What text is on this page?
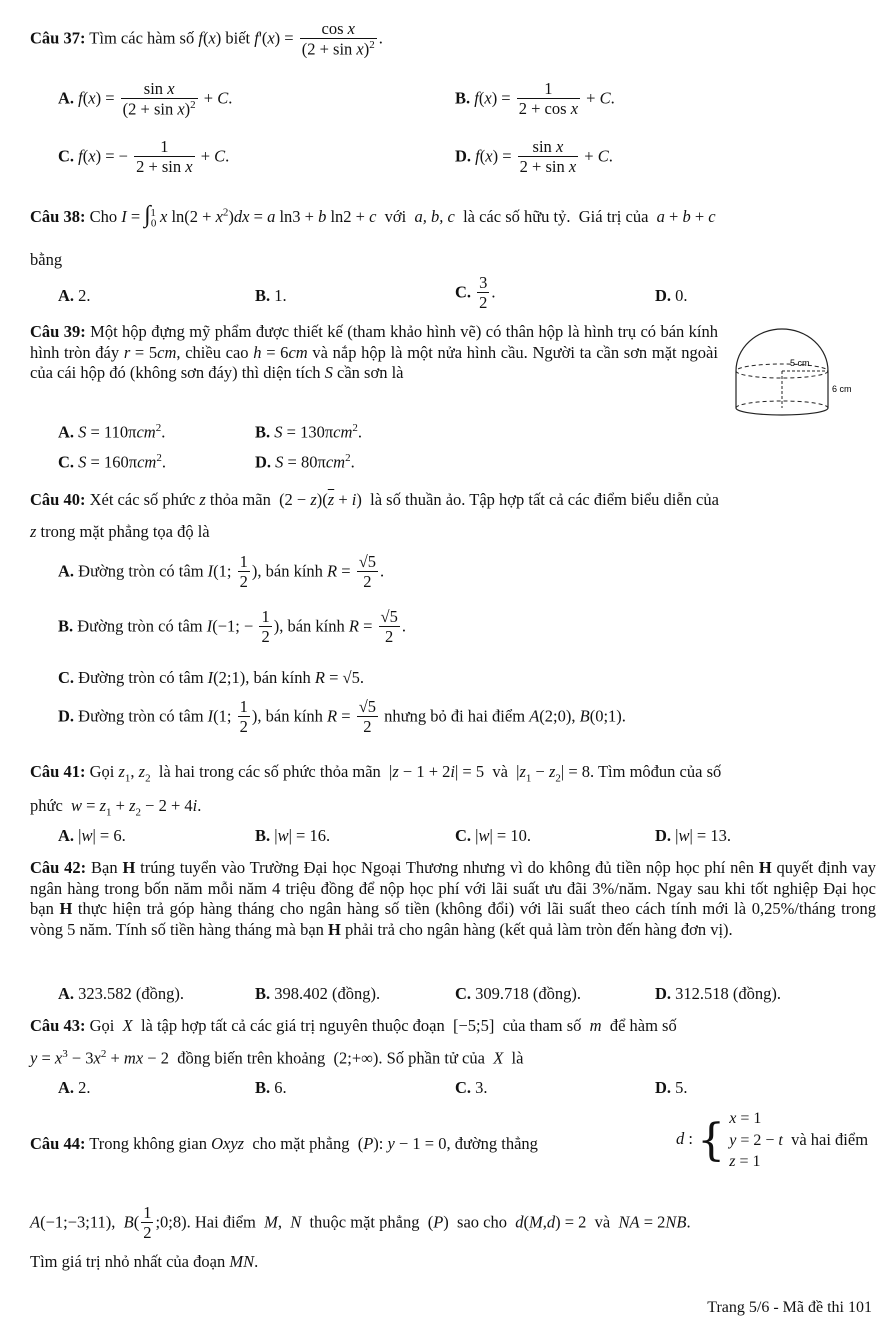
Câu 37: Tìm các hàm số f(x) biết $f'(x) = \frac{\text{cos x}}{(2 + \sin x)^2}$ .
A. $f(x) = \frac{\text{sin x}}{(2 + \sin x)^2} + C$.	B. $f(x) = \frac{1}{\text{2 + cos x}} + C$.
C. f(x) = − $\frac{1}{\text{2 + sin x}} + C$.	D. $f(x) = \frac{\text{sin x}}{\text{2 + sin x}} + C$.
Câu 38: Cho $I = \int_0^1$ x $\ln(2 + x^2)dx = a$ ln3 + b ln2 + c  với  a, b, c  là các số hữu tỷ.  Giá trị của  a + b + c
bằng
A. 2.	B. 1.	C. $\frac{3}{2}$ .	D. 0.
Câu 39: Một hộp đựng mỹ phẩm được thiết kế (tham khảo hình vẽ) có thân hộp là hình trụ có bán kính hình tròn đáy r = 5cm, chiều cao h = 6cm và nắp hộp là một nửa hình cầu. Người ta cần sơn mặt ngoài của cái hộp đó (không sơn đáy) thì diện tích S cần sơn là
5 cm
6 cm
A. S = 110πcm$^2$.	B. S = 130πcm$^2$.
C. S = 160πcm$^2$.	D. S = 80πcm$^2$.
Câu 40: Xét các số phức z thỏa mãn  $(2 - z)(\overline{z} + i)$  là số thuần ảo. Tập hợp tất cả các điểm biểu diễn của
z trong mặt phẳng tọa độ là
A. Đường tròn có tâm I(1; $\frac{1}{2}$ ), bán kính $R = \frac{√5}{2}$ .
B. Đường tròn có tâm I(−1; − $\frac{1}{2}$ ), bán kính $R = \frac{√5}{2}$ .
C. Đường tròn có tâm I(2;1), bán kính R = √5.
D. Đường tròn có tâm I(1; $\frac{1}{2}$ ), bán kính $R = \frac{√5}{2}$ nhưng bỏ đi hai điểm A(2;0), B(0;1).
Câu 41: Gọi $z_1$, $z_2$  là hai trong các số phức thỏa mãn  |z − 1 + 2i| = 5  và  $|z_1 - z_2| = 8$. Tìm môđun của số
phức  $w = z_1 + z_2 - 2 + 4i$.
A. |w| = 6.	B. |w| = 16.	C. |w| = 10.	D. |w| = 13.
Câu 42: Bạn H trúng tuyển vào Trường Đại học Ngoại Thương nhưng vì do không đủ tiền nộp học phí nên H quyết định vay ngân hàng trong bốn năm mỗi năm 4 triệu đồng để nộp học phí với lãi suất ưu đãi 3%/năm. Ngay sau khi tốt nghiệp Đại học bạn H thực hiện trả góp hàng tháng cho ngân hàng số tiền (không đổi) với lãi suất theo cách tính mới là 0,25%/tháng trong vòng 5 năm. Tính số tiền hàng tháng mà bạn H phải trả cho ngân hàng (kết quả làm tròn đến hàng đơn vị).
A. 323.582 (đồng).	B. 398.402 (đồng).	C. 309.718 (đồng).	D. 312.518 (đồng).
Câu 43: Gọi  X  là tập hợp tất cả các giá trị nguyên thuộc đoạn  [−5;5]  của tham số  m  để hàm số
$y = x^3 - 3x^2$ + mx − 2  đồng biến trên khoảng  (2;+∞). Số phần tử của  X  là
A. 2.	B. 6.	C. 3.	D. 5.
Câu 44: Trong không gian Oxyz  cho mặt phẳng  (P): y − 1 = 0, đường thẳng	d : { x = 1
y = 2 − t
z = 1  và hai điểm
A(−1;−3;11),  $B( \frac{1}{2}$ ;0;8). Hai điểm  M,  N  thuộc mặt phẳng  (P)  sao cho  d(M,d) = 2  và  NA = 2NB.
Tìm giá trị nhỏ nhất của đoạn MN.
Trang 5/6 - Mã đề thi 101
